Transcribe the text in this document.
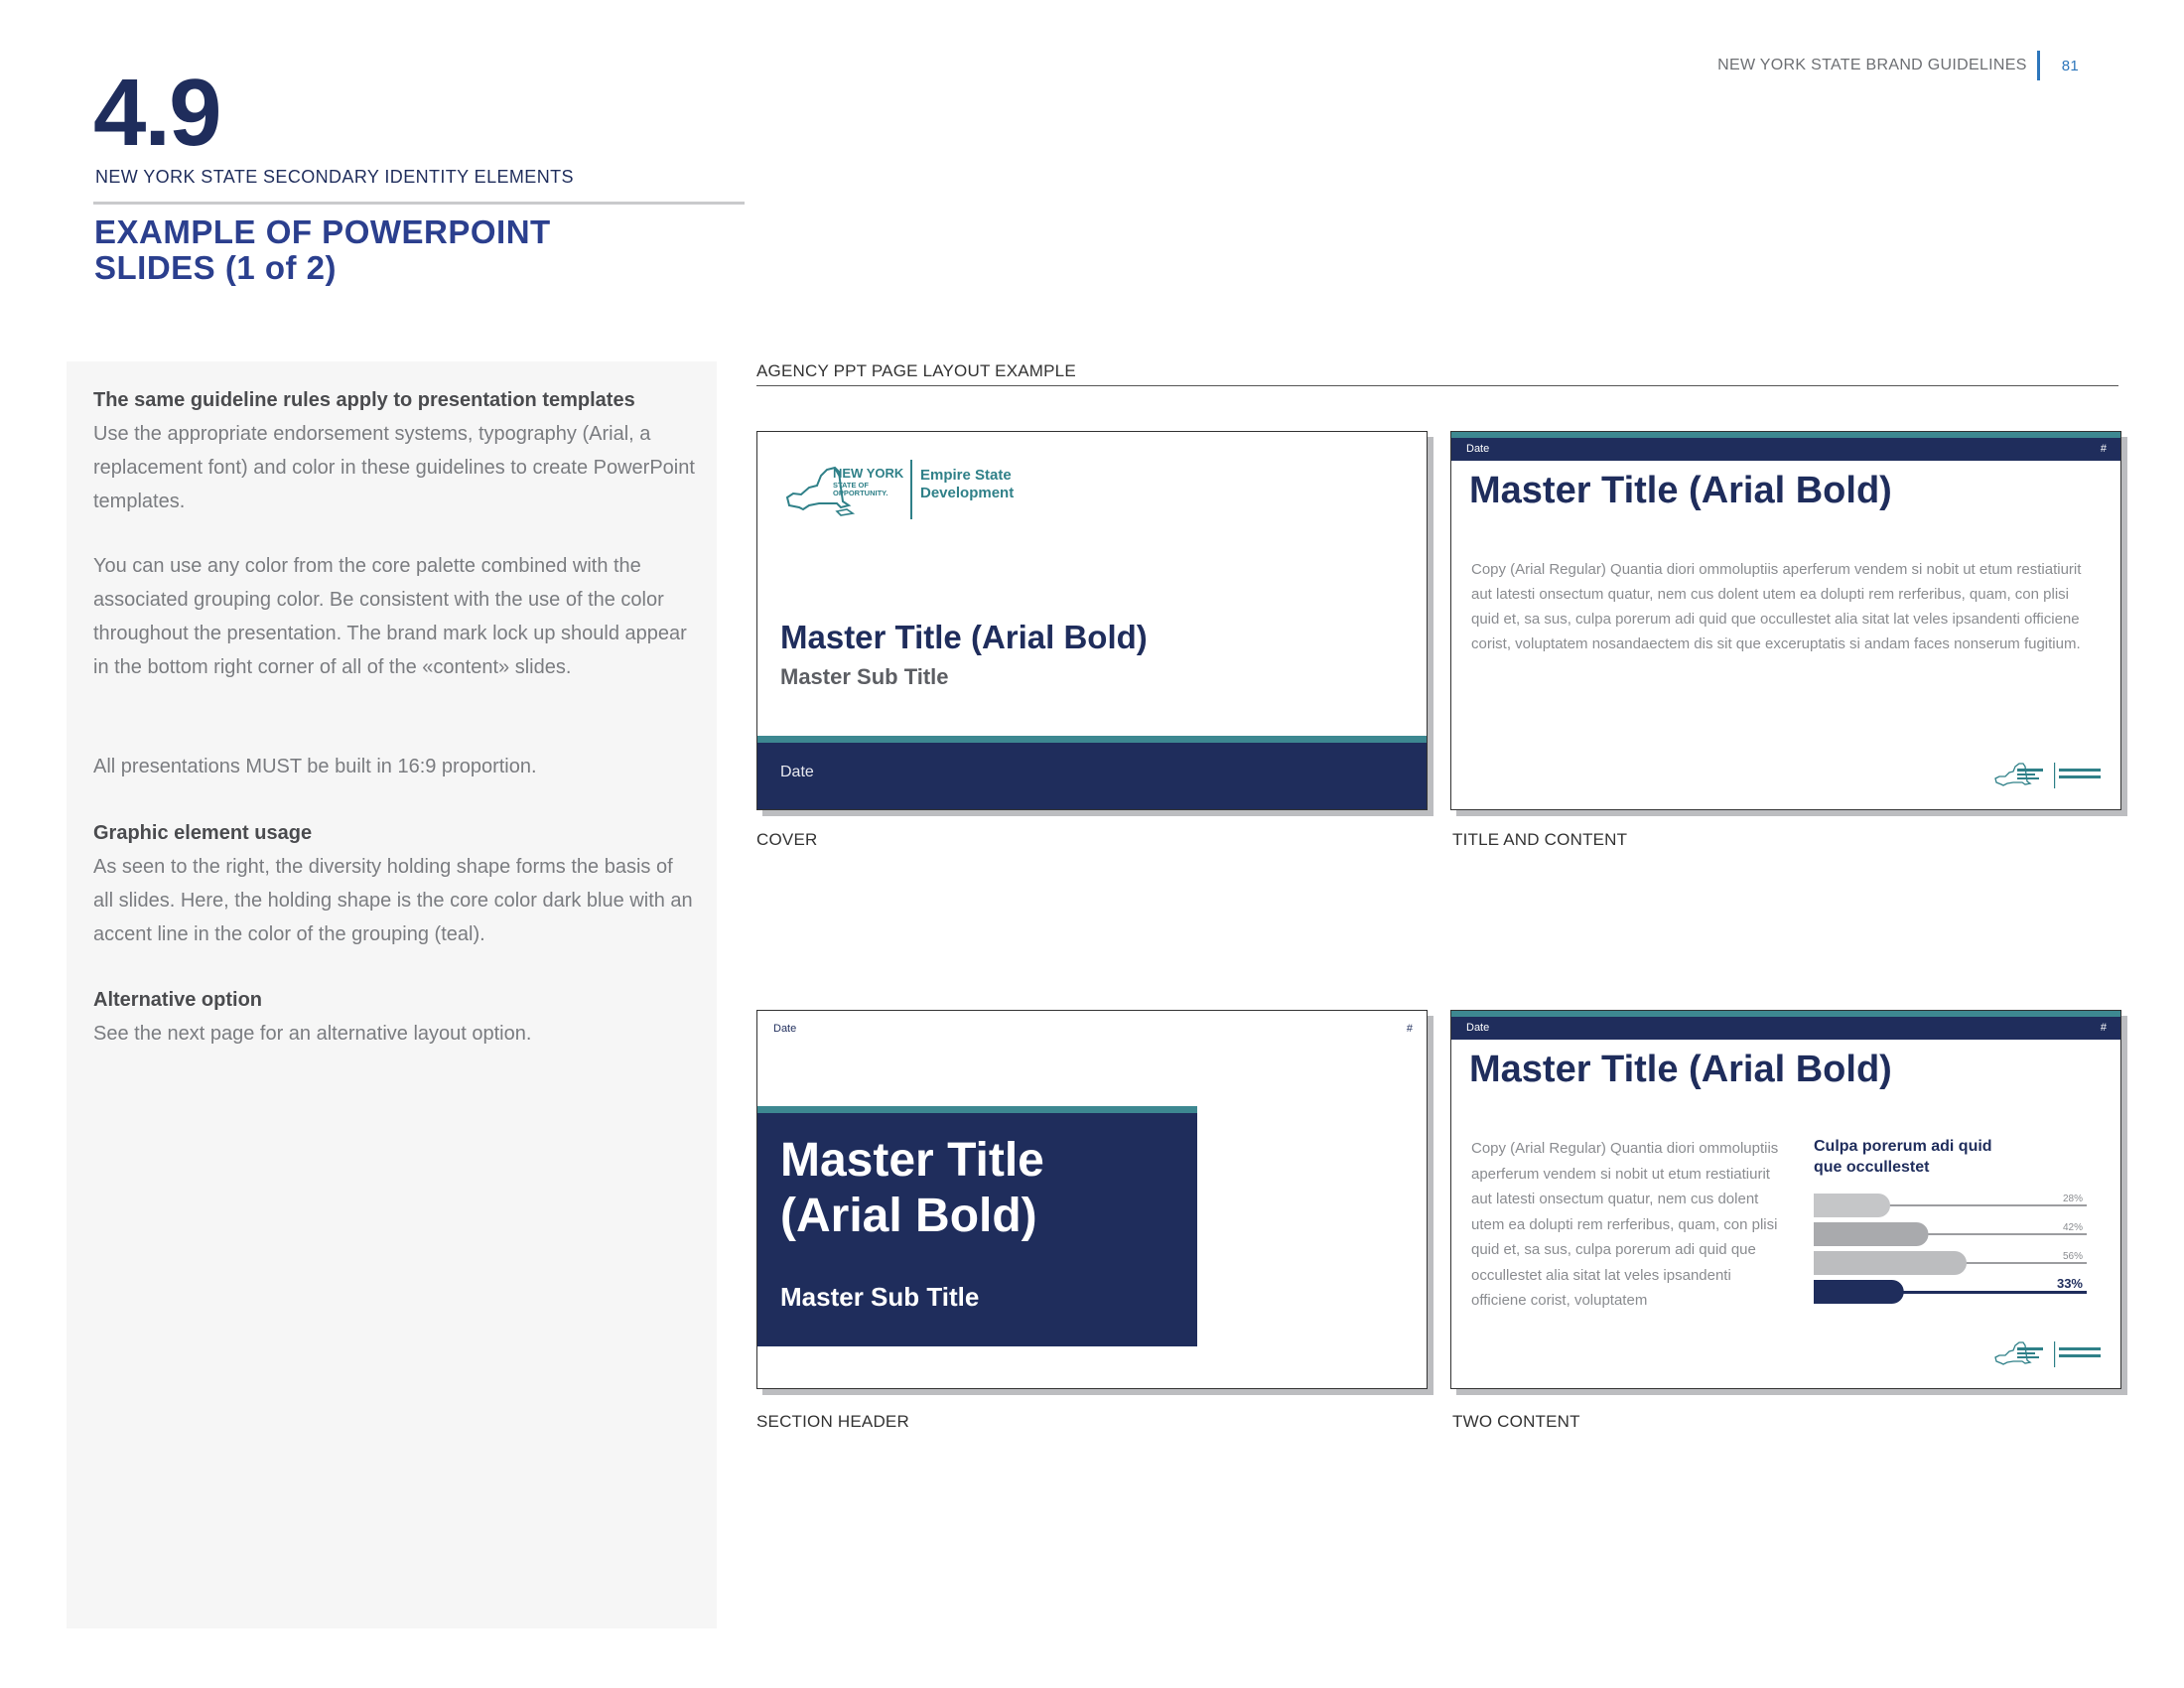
NEW YORK STATE BRAND GUIDELINES 81
4.9
NEW YORK STATE SECONDARY IDENTITY ELEMENTS
EXAMPLE OF POWERPOINT
SLIDES (1 of 2)
The same guideline rules apply to presentation templates
Use the appropriate endorsement systems, typography (Arial, a replacement font) and color in these guidelines to create PowerPoint templates.
You can use any color from the core palette combined with the associated grouping color. Be consistent with the use of the color throughout the presentation. The brand mark lock up should appear in the bottom right corner of all of the «content» slides.
All presentations MUST be built in 16:9 proportion.
Graphic element usage
As seen to the right, the diversity holding shape forms the basis of all slides. Here, the holding shape is the core color dark blue with an accent line in the color of the grouping (teal).
Alternative option
See the next page for an alternative layout option.
AGENCY PPT PAGE LAYOUT EXAMPLE
NEW YORK
STATE OF
OPPORTUNITY.
Empire State
Development
Master Title (Arial Bold)
Master Sub Title
Date
COVER
Date	#
Master Title (Arial Bold)
Copy (Arial Regular) Quantia diori ommoluptiis aperferum vendem si nobit ut etum restiatiurit aut latesti onsectum quatur, nem cus dolent utem ea dolupti rem rerferibus, quam, con plisi quid et, sa sus, culpa porerum adi quid que occullestet alia sitat lat veles ipsandenti officiene corist, voluptatem nosandaectem dis sit que exceruptatis si andam faces nonserum fugitium.
TITLE AND CONTENT
Date	#
Master Title
(Arial Bold)
Master Sub Title
SECTION HEADER
Date	#
Master Title (Arial Bold)
Copy (Arial Regular) Quantia diori ommoluptiis aperferum vendem si nobit ut etum restiatiurit aut latesti onsectum quatur, nem cus dolent utem ea dolupti rem rerferibus, quam, con plisi quid et, sa sus, culpa porerum adi quid que occullestet alia sitat lat veles ipsandenti officiene corist, voluptatem
Culpa porerum adi quid que occullestet
28%
42%
56%
33%
TWO CONTENT
